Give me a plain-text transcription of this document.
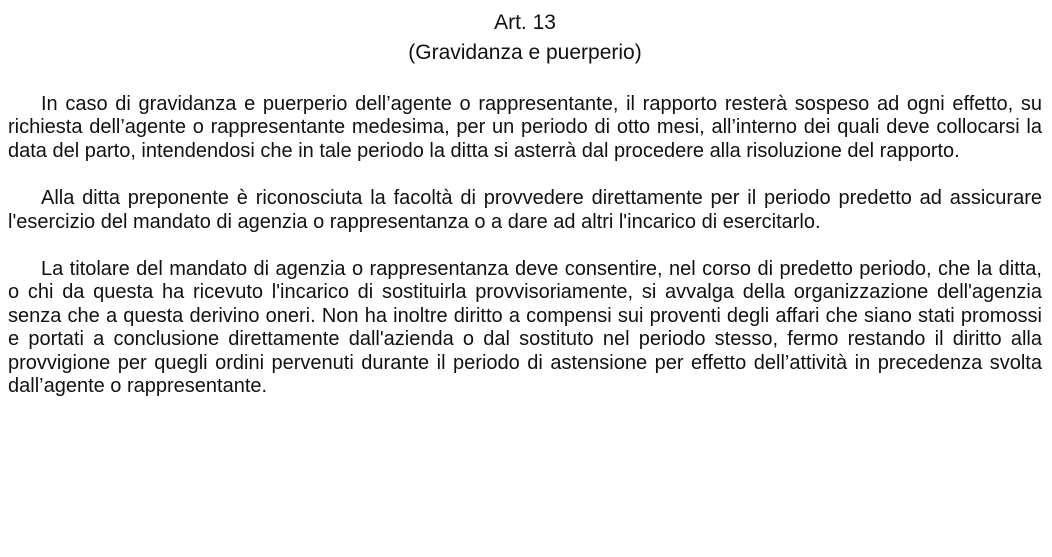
Art. 13

(Gravidanza e puerperio)

In caso di gravidanza e puerperio dell’agente o rappresentante, il rapporto resterà sospeso ad ogni effetto, su richiesta dell’agente o rappresentante medesima, per un periodo di otto mesi, all’interno dei quali deve collocarsi la data del parto, intendendosi che in tale periodo la ditta si asterrà dal procedere alla risoluzione del rapporto.

Alla ditta preponente è riconosciuta la facoltà di provvedere direttamente per il periodo predetto ad assicurare l'esercizio del mandato di agenzia o rappresentanza o a dare ad altri l'incarico di esercitarlo.

La titolare del mandato di agenzia o rappresentanza deve consentire, nel corso di predetto periodo, che la ditta, o chi da questa ha ricevuto l'incarico di sostituirla provvisoriamente, si avvalga della organizzazione dell'agenzia senza che a questa derivino oneri. Non ha inoltre diritto a compensi sui proventi degli affari che siano stati promossi e portati a conclusione direttamente dall'azienda o dal sostituto nel periodo stesso, fermo restando il diritto alla provvigione per quegli ordini pervenuti durante il periodo di astensione per effetto dell’attività in precedenza svolta dall’agente o rappresentante.
